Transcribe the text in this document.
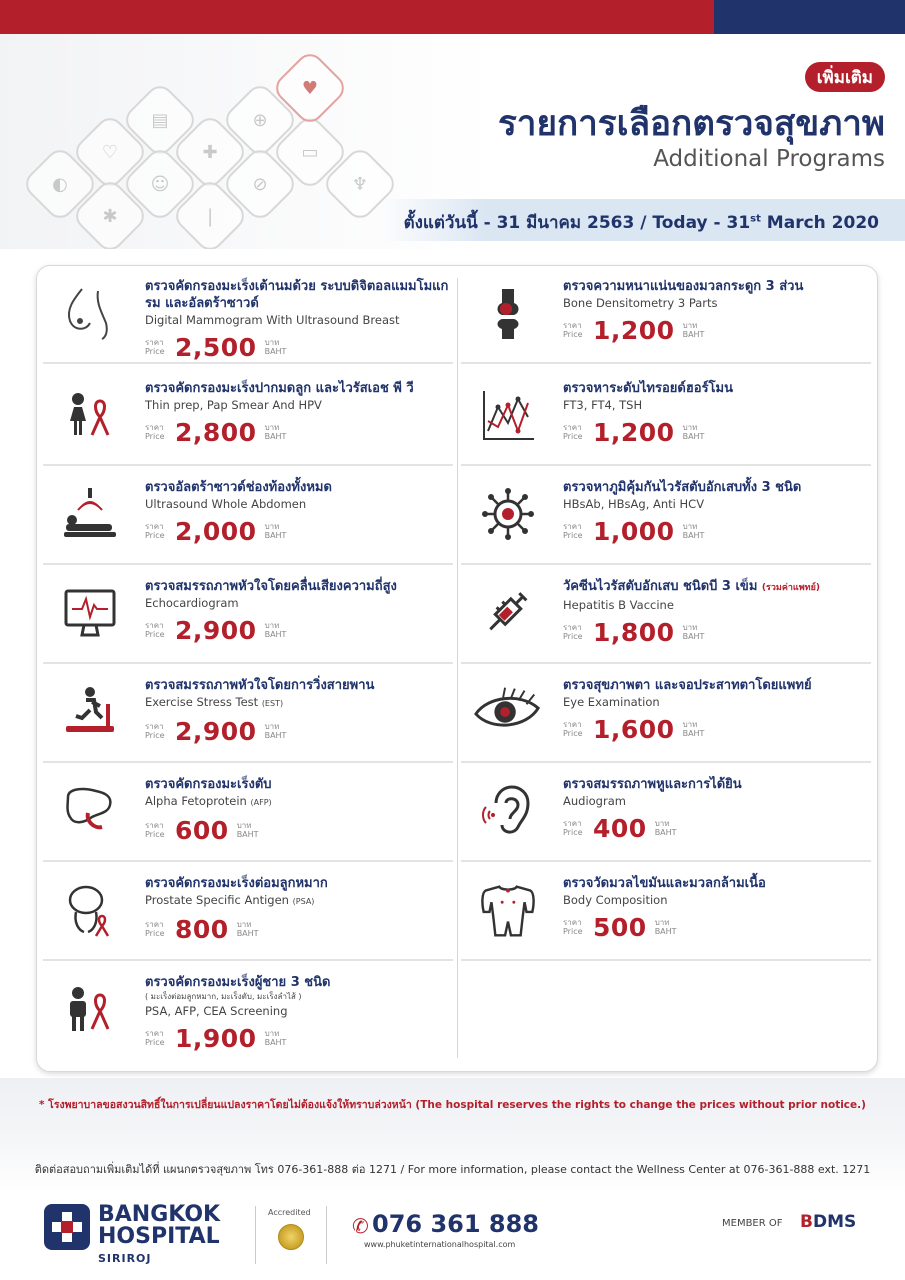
◐
♡
✱
▤
☺
✚
❘
⊕
⊘
▭
♥
♆
เพิ่มเติม
รายการเลือกตรวจสุขภาพ
Additional Programs
ตั้งแต่วันนี้ - 31 มีนาคม 2563 / Today - 31st March 2020
ตรวจคัดกรองมะเร็งเต้านมด้วย ระบบดิจิตอลแมมโมแกรม และอัลตร้าซาวด์
Digital Mammogram With Ultrasound Breast
ราคา
Price 2,500 บาท
BAHT
ตรวจคัดกรองมะเร็งปากมดลูก และไวรัสเอช พี วี
Thin prep, Pap Smear And HPV
ราคา
Price 2,800 บาท
BAHT
ตรวจอัลตร้าซาวด์ช่องท้องทั้งหมด
Ultrasound Whole Abdomen
ราคา
Price 2,000 บาท
BAHT
ตรวจสมรรถภาพหัวใจโดยคลื่นเสียงความถี่สูง
Echocardiogram
ราคา
Price 2,900 บาท
BAHT
ตรวจสมรรถภาพหัวใจโดยการวิ่งสายพาน
Exercise Stress Test (EST)
ราคา
Price 2,900 บาท
BAHT
ตรวจคัดกรองมะเร็งตับ
Alpha Fetoprotein (AFP)
ราคา
Price 600 บาท
BAHT
ตรวจคัดกรองมะเร็งต่อมลูกหมาก
Prostate Specific Antigen (PSA)
ราคา
Price 800 บาท
BAHT
ตรวจคัดกรองมะเร็งผู้ชาย 3 ชนิด
( มะเร็งต่อมลูกหมาก, มะเร็งตับ, มะเร็งลำไส้ )
PSA, AFP, CEA Screening
ราคา
Price 1,900 บาท
BAHT
ตรวจความหนาแน่นของมวลกระดูก 3 ส่วน
Bone Densitometry 3 Parts
ราคา
Price 1,200 บาท
BAHT
ตรวจหาระดับไทรอยด์ฮอร์โมน
FT3, FT4, TSH
ราคา
Price 1,200 บาท
BAHT
ตรวจหาภูมิคุ้มกันไวรัสตับอักเสบทั้ง 3 ชนิด
HBsAb, HBsAg, Anti HCV
ราคา
Price 1,000 บาท
BAHT
วัคซีนไวรัสตับอักเสบ ชนิดบี 3 เข็ม (รวมค่าแพทย์)
Hepatitis B Vaccine
ราคา
Price 1,800 บาท
BAHT
ตรวจสุขภาพตา และจอประสาทตาโดยแพทย์
Eye Examination
ราคา
Price 1,600 บาท
BAHT
ตรวจสมรรถภาพหูและการได้ยิน
Audiogram
ราคา
Price 400 บาท
BAHT
ตรวจวัดมวลไขมันและมวลกล้ามเนื้อ
Body Composition
ราคา
Price 500 บาท
BAHT
* โรงพยาบาลขอสงวนสิทธิ์ในการเปลี่ยนแปลงราคาโดยไม่ต้องแจ้งให้ทราบล่วงหน้า (The hospital reserves the rights to change the prices without prior notice.)
ติดต่อสอบถามเพิ่มเติมได้ที่ แผนกตรวจสุขภาพ โทร 076-361-888 ต่อ 1271 / For more information, please contact the Wellness Center at 076-361-888 ext. 1271
BANGKOK
HOSPITAL
SIRIROJ
Accredited
✆ 076 361 888
www.phuketinternationalhospital.com
MEMBER OF BDMS
